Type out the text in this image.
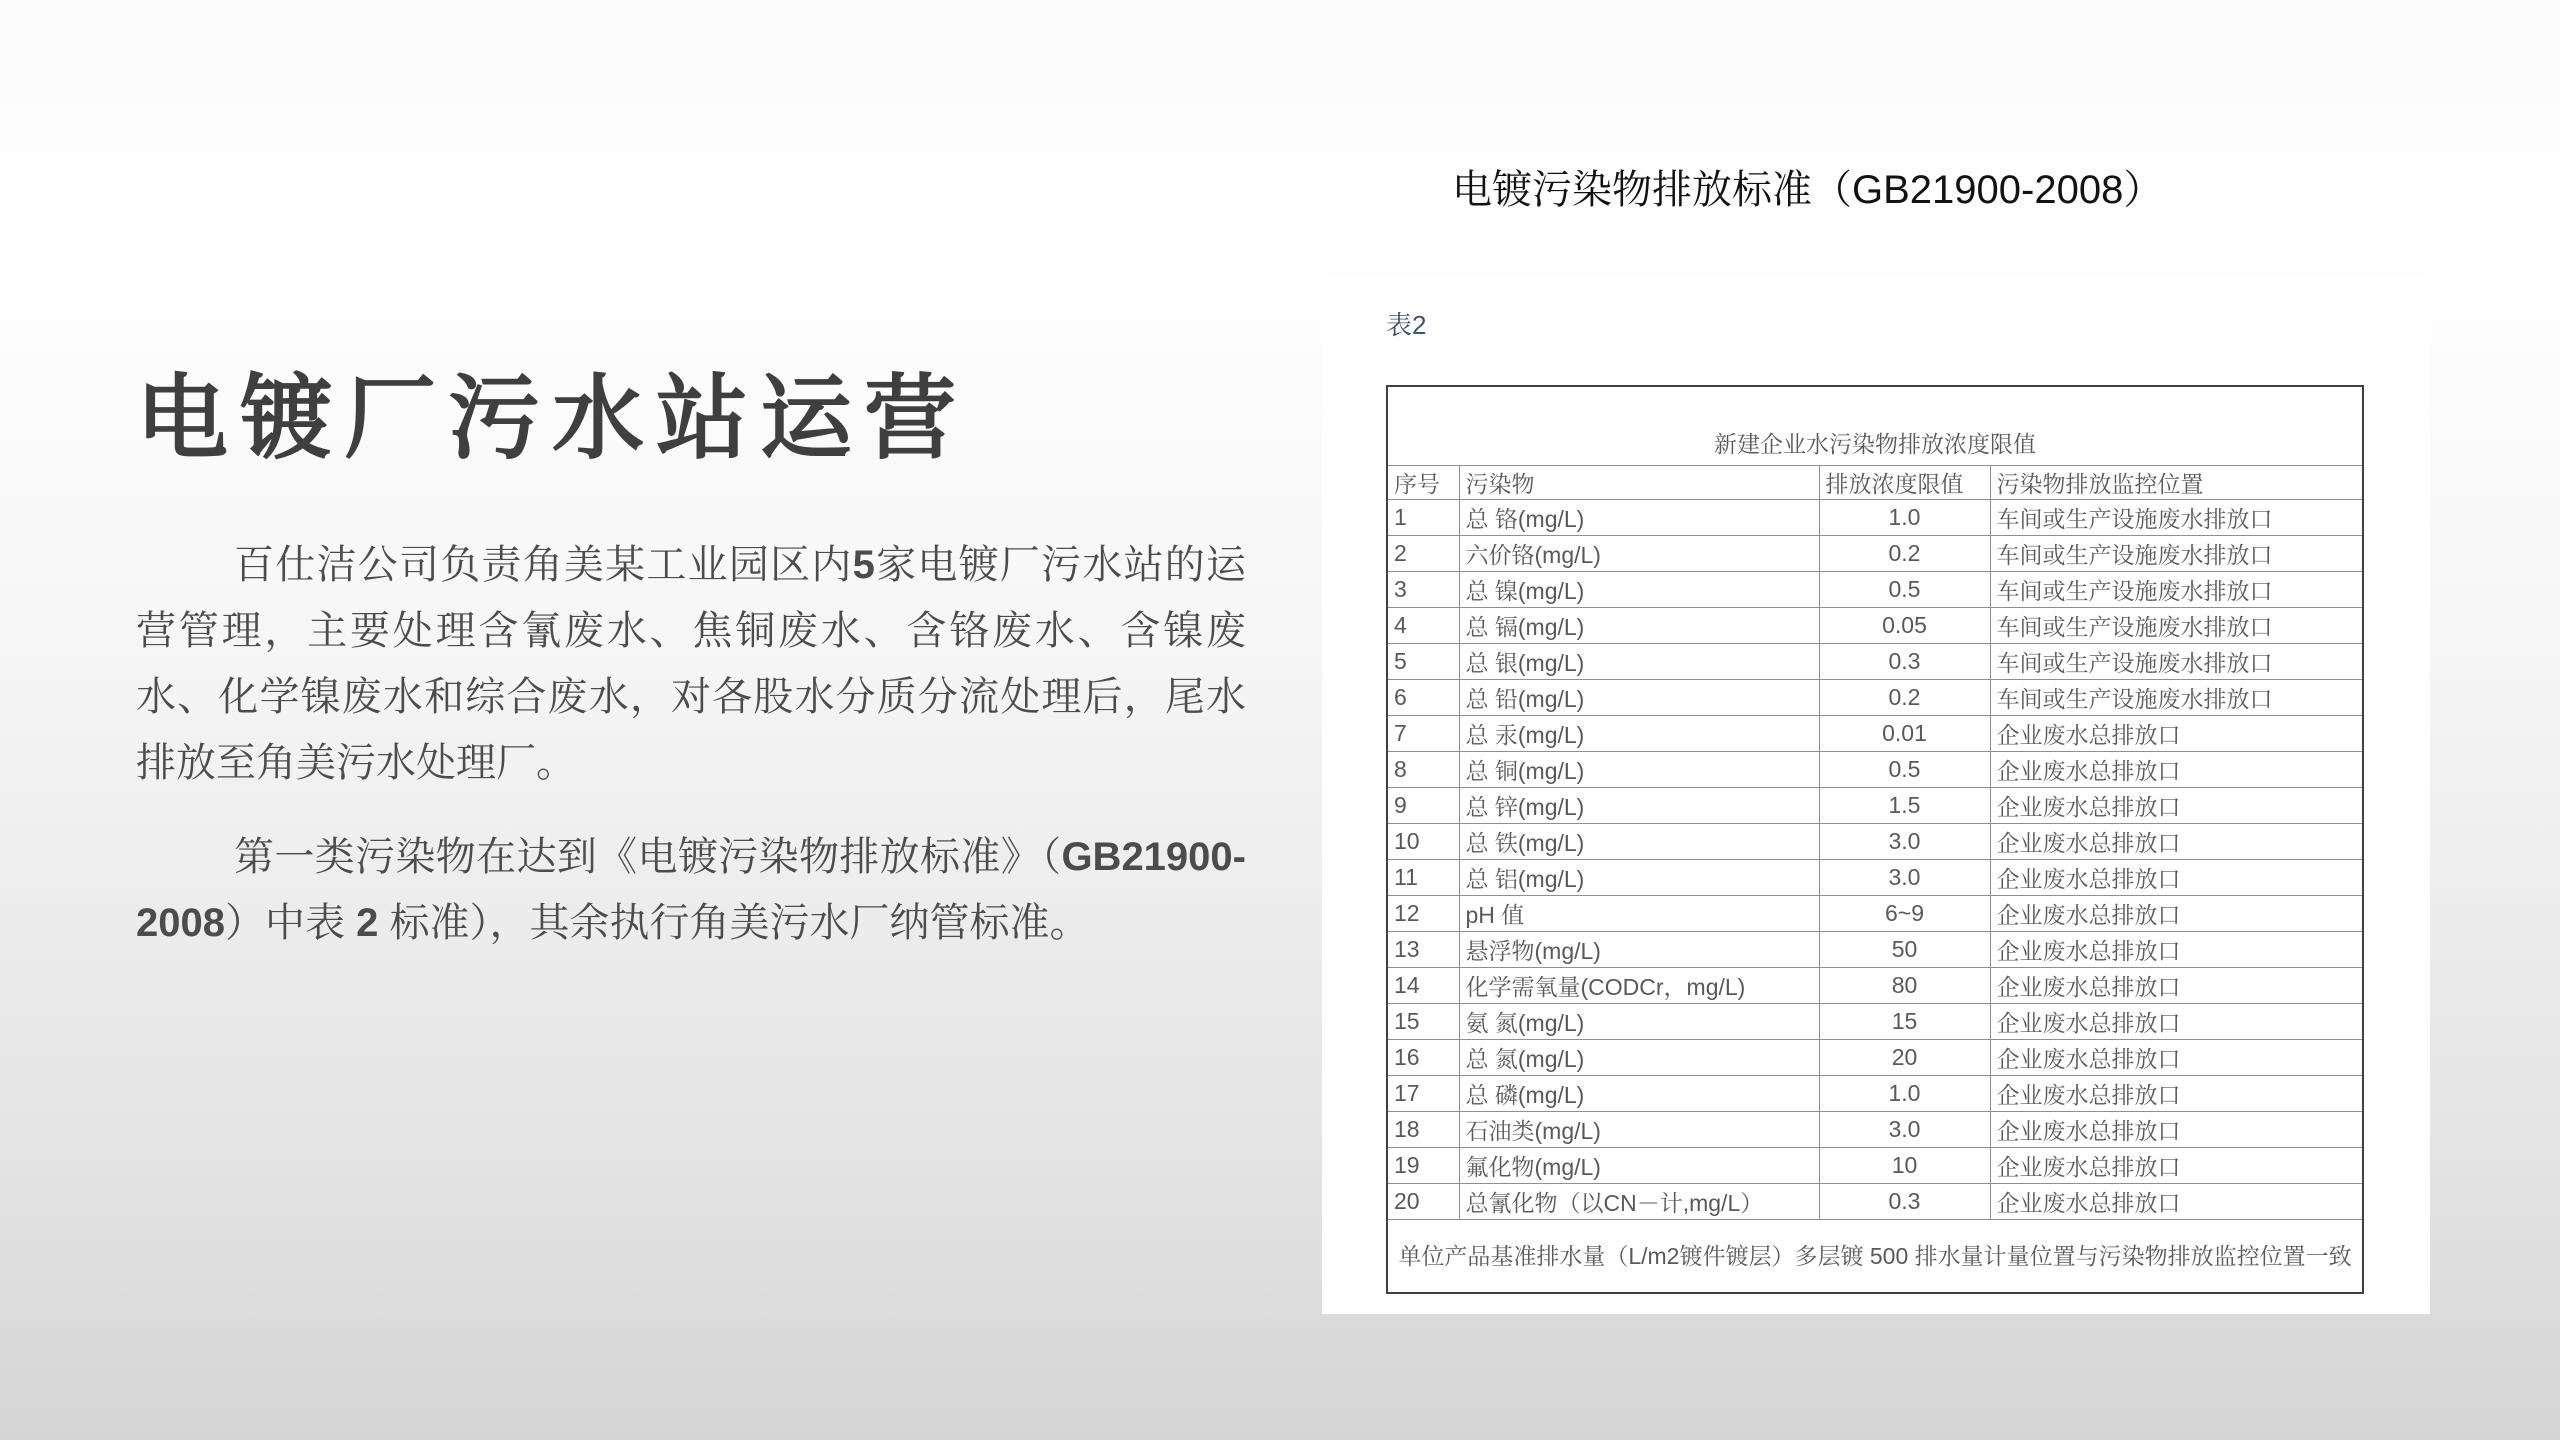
电镀污染物排放标准（GB21900-2008）
电镀厂污水站运营

百仕洁公司负责角美某工业园区内5家电镀厂污水站的运营管理，主要处理含氰废水、焦铜废水、含铬废水、含镍废水、化学镍废水和综合废水，对各股水分质分流处理后，尾水排放至角美污水处理厂。

第一类污染物在达到《电镀污染物排放标准》（GB21900-2008）中表 2 标准），其余执行角美污水厂纳管标准。

表2
新建企业水污染物排放浓度限值			
序号	污染物	排放浓度限值	污染物排放监控位置
1	总 铬(mg/L)	1.0	车间或生产设施废水排放口
2	六价铬(mg/L)	0.2	车间或生产设施废水排放口
3	总 镍(mg/L)	0.5	车间或生产设施废水排放口
4	总 镉(mg/L)	0.05	车间或生产设施废水排放口
5	总 银(mg/L)	0.3	车间或生产设施废水排放口
6	总 铅(mg/L)	0.2	车间或生产设施废水排放口
7	总 汞(mg/L)	0.01	企业废水总排放口
8	总 铜(mg/L)	0.5	企业废水总排放口
9	总 锌(mg/L)	1.5	企业废水总排放口
10	总 铁(mg/L)	3.0	企业废水总排放口
11	总 铝(mg/L)	3.0	企业废水总排放口
12	pH 值	6~9	企业废水总排放口
13	悬浮物(mg/L)	50	企业废水总排放口
14	化学需氧量(CODCr，mg/L)	80	企业废水总排放口
15	氨 氮(mg/L)	15	企业废水总排放口
16	总 氮(mg/L)	20	企业废水总排放口
17	总 磷(mg/L)	1.0	企业废水总排放口
18	石油类(mg/L)	3.0	企业废水总排放口
19	氟化物(mg/L)	10	企业废水总排放口
20	总氰化物（以CN－计,mg/L）	0.3	企业废水总排放口
单位产品基准排水量（L/m2镀件镀层）多层镀 500 排水量计量位置与污染物排放监控位置一致			
